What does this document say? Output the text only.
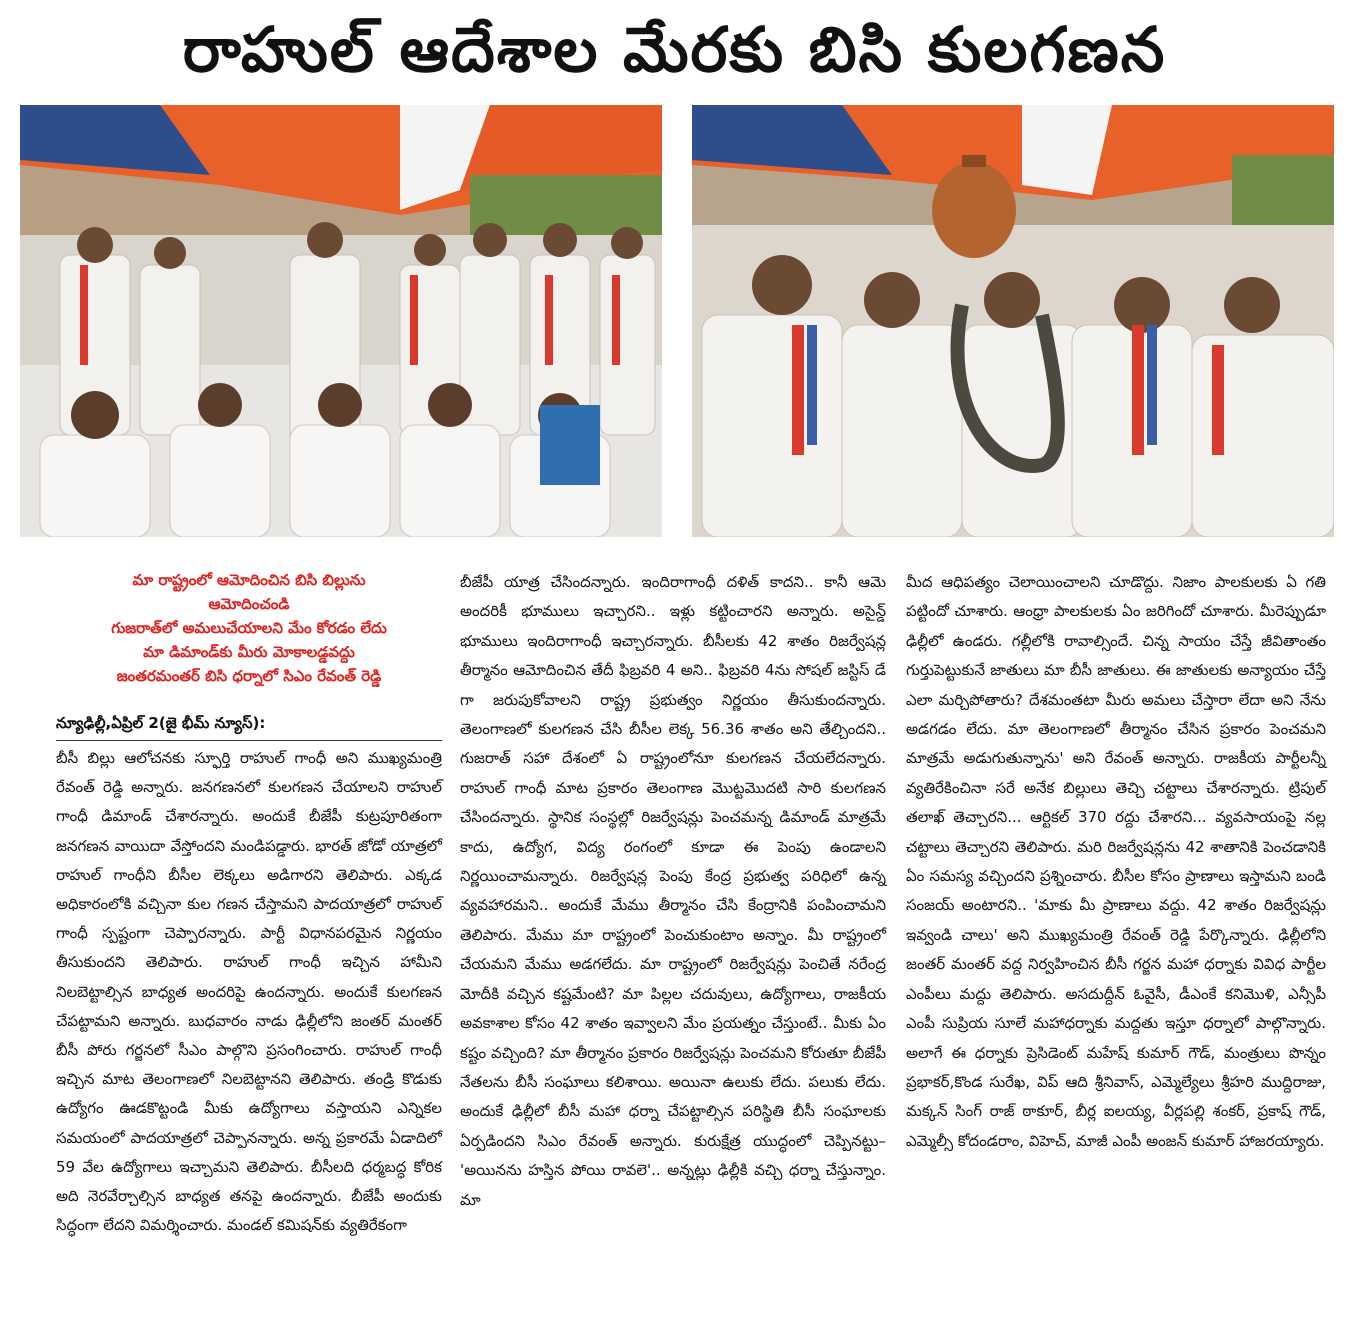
రాహుల్ ఆదేశాల మేరకు బిసి కులగణన

మా రాష్ట్రంలో ఆమోదించిన బిసి బిల్లును

ఆమోదించండి

గుజరాత్‌లో అమలుచేయాలని మేం కోరడం లేదు

మా డిమాండ్‌కు మీరు మోకాలడ్డవద్దు

జంతరమంతర్ బిసి ధర్నాలో సిఎం రేవంత్ రెడ్డి

న్యూఢిల్లీ,ఏప్రిల్ 2(జై భీమ్ న్యూస్):
బీసీ బిల్లు ఆలోచనకు స్ఫూర్తి రాహుల్ గాంధీ అని ముఖ్యమంత్రి రేవంత్ రెడ్డి అన్నారు. జనగణనలో కులగణన చేయాలని రాహుల్ గాంధీ డిమాండ్ చేశారన్నారు. అందుకే బీజేపీ కుట్రపూరితంగా జనగణన వాయిదా వేస్తోందని మండిపడ్డారు. భారత్ జోడో యాత్రలో రాహుల్ గాంధీని బీసీల లెక్కలు అడిగారని తెలిపారు. ఎక్కడ అధికారంలోకి వచ్చినా కుల గణన చేస్తామని పాదయాత్రలో రాహుల్ గాంధీ స్పష్టంగా చెప్పారన్నారు. పార్టీ విధానపరమైన నిర్ణయం తీసుకుందని తెలిపారు. రాహుల్ గాంధీ ఇచ్చిన హామీని నిలబెట్టాల్సిన బాధ్యత అందరిపై ఉందన్నారు. అందుకే కులగణన చేపట్టామని అన్నారు. బుధవారం నాడు ఢిల్లీలోని జంతర్ మంతర్ బీసీ పోరు గర్జనలో సీఎం పాల్గొని ప్రసంగించారు. రాహుల్ గాంధీ ఇచ్చిన మాట తెలంగాణలో నిలబెట్టానని తెలిపారు. తండ్రి కొడుకు ఉద్యోగం ఊడకొట్టండి మీకు ఉద్యోగాలు వస్తాయని ఎన్నికల సమయంలో పాదయాత్రలో చెప్పానన్నారు. అన్న ప్రకారమే ఏడాదిలో 59 వేల ఉద్యోగాలు ఇచ్చామని తెలిపారు. బీసీలది ధర్మబద్ధ కోరిక అది నెరవేర్చాల్సిన బాధ్యత తనపై ఉందన్నారు. బీజేపీ అందుకు సిద్ధంగా లేదని విమర్శించారు. మండల్ కమిషన్‌కు వ్యతిరేకంగా
బీజేపీ యాత్ర చేసిందన్నారు. ఇందిరాగాంధీ దళిత్ కాదని.. కానీ ఆమె అందరికీ భూములు ఇచ్చారని.. ఇళ్లు కట్టించారని అన్నారు. అసైన్డ్ భూములు ఇందిరాగాంధీ ఇచ్చారన్నారు. బీసీలకు 42 శాతం రిజర్వేషన్ల తీర్మానం ఆమోదించిన తేదీ ఫిబ్రవరి 4 అని.. ఫిబ్రవరి 4ను సోషల్ జస్టిస్ డే గా జరుపుకోవాలని రాష్ట్ర ప్రభుత్వం నిర్ణయం తీసుకుందన్నారు. తెలంగాణలో కులగణన చేసి బీసీల లెక్క 56.36 శాతం అని తేల్చిందని.. గుజరాత్ సహా దేశంలో ఏ రాష్ట్రంలోనూ కులగణన చేయలేదన్నారు. రాహుల్ గాంధీ మాట ప్రకారం తెలంగాణ మొట్టమొదటి సారి కులగణన చేసిందన్నారు. స్థానిక సంస్థల్లో రిజర్వేషన్లు పెంచమన్న డిమాండ్ మాత్రమే కాదు, ఉద్యోగ, విద్య రంగంలో కూడా ఈ పెంపు ఉండాలని నిర్ణయించామన్నారు. రిజర్వేషన్ల పెంపు కేంద్ర ప్రభుత్వ పరిధిలో ఉన్న వ్యవహారమని.. అందుకే మేము తీర్మానం చేసి కేంద్రానికి పంపించామని తెలిపారు. మేము మా రాష్ట్రంలో పెంచుకుంటాం అన్నాం. మీ రాష్ట్రంలో చేయమని మేము అడగలేదు. మా రాష్ట్రంలో రిజర్వేషన్లు పెంచితే నరేంద్ర మోదీకి వచ్చిన కష్టమేంటి? మా పిల్లల చదువులు, ఉద్యోగాలు, రాజకీయ అవకాశాల కోసం 42 శాతం ఇవ్వాలని మేం ప్రయత్నం చేస్తుంటే.. మీకు ఏం కష్టం వచ్చింది? మా తీర్మానం ప్రకారం రిజర్వేషన్లు పెంచమని కోరుతూ బీజేపీ నేతలను బీసీ సంఘాలు కలిశాయి. అయినా ఉలుకు లేదు. పలుకు లేదు. అందుకే ఢిల్లీలో బీసీ మహా ధర్నా చేపట్టాల్సిన పరిస్థితి బీసీ సంఘాలకు ఏర్పడిందని సిఎం రేవంత్ అన్నారు. కురుక్షేత్ర యుద్ధంలో చెప్పినట్టు– 'అయినను హస్తిన పోయి రావలె'.. అన్నట్లు ఢిల్లీకి వచ్చి ధర్నా చేస్తున్నాం. మా
మీద ఆధిపత్యం చెలాయించాలని చూడొద్దు. నిజాం పాలకులకు ఏ గతి పట్టిందో చూశారు. ఆంధ్రా పాలకులకు ఏం జరిగిందో చూశారు. మీరెప్పుడూ ఢిల్లీలో ఉండరు. గల్లీలోకి రావాల్సిందే. చిన్న సాయం చేస్తే జీవితాంతం గుర్తుపెట్టుకునే జాతులు మా బీసీ జాతులు. ఈ జాతులకు అన్యాయం చేస్తే ఎలా మర్చిపోతారు? దేశమంతటా మీరు అమలు చేస్తారా లేదా అని నేను అడగడం లేదు. మా తెలంగాణలో తీర్మానం చేసిన ప్రకారం పెంచమని మాత్రమే అడుగుతున్నాను' అని రేవంత్ అన్నారు. రాజకీయ పార్టీలన్నీ వ్యతిరేకించినా సరే అనేక బిల్లులు తెచ్చి చట్టాలు చేశారన్నారు. ట్రిపుల్ తలాఖ్ తెచ్చారని... ఆర్టికల్ 370 రద్దు చేశారని... వ్యవసాయంపై నల్ల చట్టాలు తెచ్చారని తెలిపారు. మరి రిజర్వేషన్లను 42 శాతానికి పెంచడానికి ఏం సమస్య వచ్చిందని ప్రశ్నించారు. బీసీల కోసం ప్రాణాలు ఇస్తామని బండి సంజయ్ అంటారని.. 'మాకు మీ ప్రాణాలు వద్దు. 42 శాతం రిజర్వేషన్లు ఇవ్వండి చాలు' అని ముఖ్యమంత్రి రేవంత్ రెడ్డి పేర్కొన్నారు. ఢిల్లీలోని జంతర్ మంతర్ వద్ద నిర్వహించిన బీసీ గర్జన మహా ధర్నాకు వివిధ పార్టీల ఎంపీలు మద్దు తెలిపారు. అసదుద్దీన్ ఓవైసీ, డీఎంకే కనిమొళి, ఎన్సీపీ ఎంపీ సుప్రియ సూలే మహాధర్నాకు మద్దతు ఇస్తూ ధర్నాలో పాల్గొన్నారు. అలాగే ఈ ధర్నాకు ప్రెసిడెంట్ మహేష్ కుమార్ గౌడ్, మంత్రులు పొన్నం ప్రభాకర్,కొండ సురేఖ, విప్ ఆది శ్రీనివాస్, ఎమ్మెల్యేలు శ్రీహరి ముద్దిరాజు, మక్కన్ సింగ్ రాజ్ ఠాకూర్, బీర్ల ఐలయ్య, వీర్లపల్లి శంకర్, ప్రకాష్ గౌడ్, ఎమ్మెల్సీ కోదండరాం, విహెచ్, మాజీ ఎంపీ అంజన్ కుమార్ హాజరయ్యారు.
